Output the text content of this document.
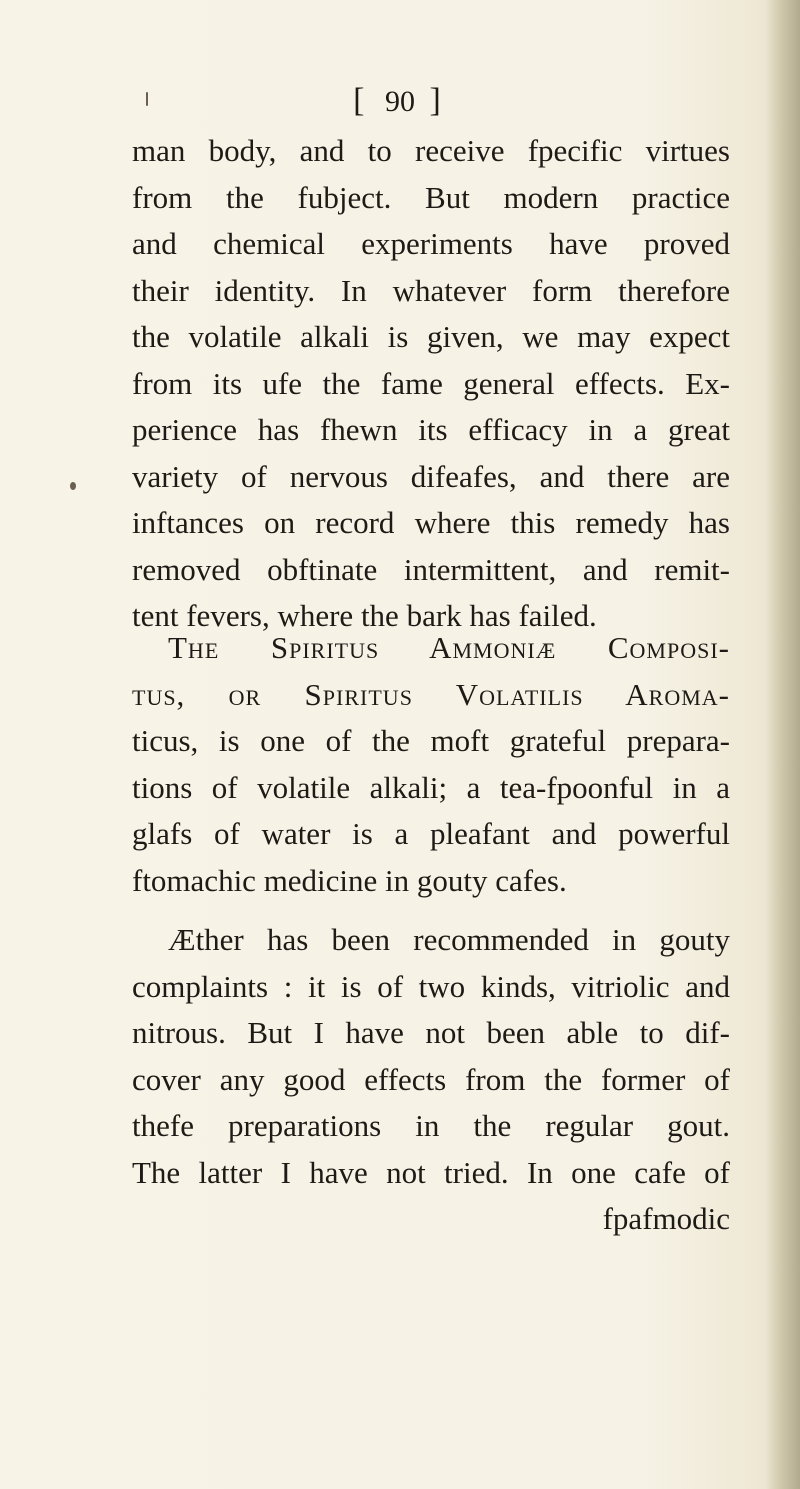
[ 90 ]
man body, and to receive fpecific virtues
from the fubject. But modern practice
and chemical experiments have proved
their identity. In whatever form therefore
the volatile alkali is given, we may expect
from its ufe the fame general effects. Ex-
perience has fhewn its efficacy in a great
variety of nervous difeafes, and there are
inftances on record where this remedy has
removed obftinate intermittent, and remit-
tent fevers, where the bark has failed.
The Spiritus Ammoniæ Composi-
tus, or Spiritus Volatilis Aroma-
ticus, is one of the moft grateful prepara-
tions of volatile alkali; a tea-fpoonful in a
glafs of water is a pleafant and powerful
ftomachic medicine in gouty cafes.
Æther has been recommended in gouty
complaints : it is of two kinds, vitriolic and
nitrous. But I have not been able to dif-
cover any good effects from the former of
thefe preparations in the regular gout.
The latter I have not tried. In one cafe of
fpafmodic
